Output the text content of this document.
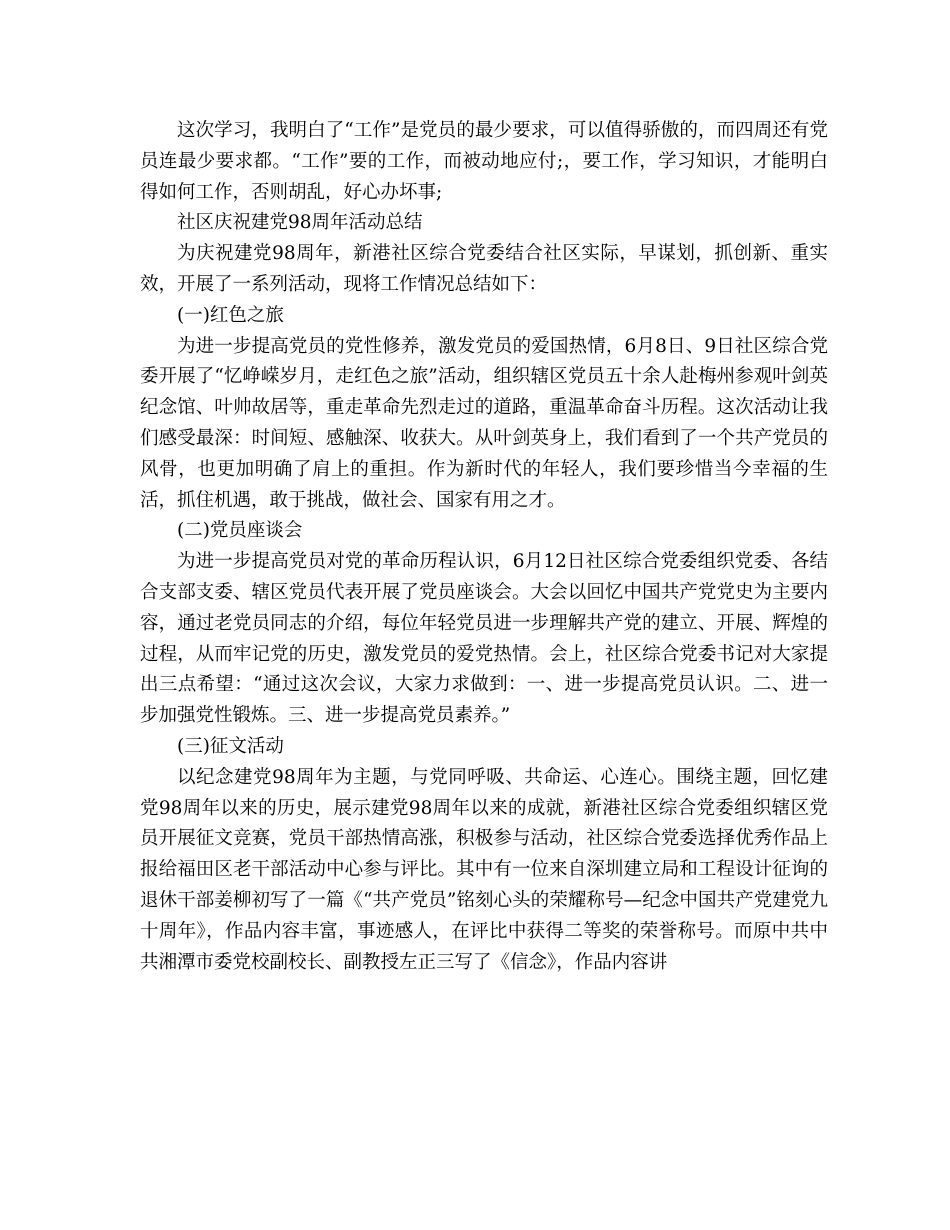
这次学习，我明白了“工作”是党员的最少要求，可以值得骄傲的，而四周还有党员连最少要求都。“工作”要的工作，而被动地应付;，要工作，学习知识，才能明白得如何工作，否则胡乱，好心办坏事;

社区庆祝建党98周年活动总结

为庆祝建党98周年，新港社区综合党委结合社区实际，早谋划，抓创新、重实效，开展了一系列活动，现将工作情况总结如下：

(一)红色之旅

为进一步提高党员的党性修养，激发党员的爱国热情，6月8日、9日社区综合党委开展了“忆峥嵘岁月，走红色之旅”活动，组织辖区党员五十余人赴梅州参观叶剑英纪念馆、叶帅故居等，重走革命先烈走过的道路，重温革命奋斗历程。这次活动让我们感受最深：时间短、感触深、收获大。从叶剑英身上，我们看到了一个共产党员的风骨，也更加明确了肩上的重担。作为新时代的年轻人，我们要珍惜当今幸福的生活，抓住机遇，敢于挑战，做社会、国家有用之才。

(二)党员座谈会

为进一步提高党员对党的革命历程认识，6月12日社区综合党委组织党委、各结合支部支委、辖区党员代表开展了党员座谈会。大会以回忆中国共产党党史为主要内容，通过老党员同志的介绍，每位年轻党员进一步理解共产党的建立、开展、辉煌的过程，从而牢记党的历史，激发党员的爱党热情。会上，社区综合党委书记对大家提出三点希望：“通过这次会议，大家力求做到：一、进一步提高党员认识。二、进一步加强党性锻炼。三、进一步提高党员素养。”

(三)征文活动

以纪念建党98周年为主题，与党同呼吸、共命运、心连心。围绕主题，回忆建党98周年以来的历史，展示建党98周年以来的成就，新港社区综合党委组织辖区党员开展征文竞赛，党员干部热情高涨，积极参与活动，社区综合党委选择优秀作品上报给福田区老干部活动中心参与评比。其中有一位来自深圳建立局和工程设计征询的退休干部姜柳初写了一篇《“共产党员”铭刻心头的荣耀称号—纪念中国共产党建党九十周年》，作品内容丰富，事迹感人，在评比中获得二等奖的荣誉称号。而原中共中共湘潭市委党校副校长、副教授左正三写了《信念》，作品内容讲
